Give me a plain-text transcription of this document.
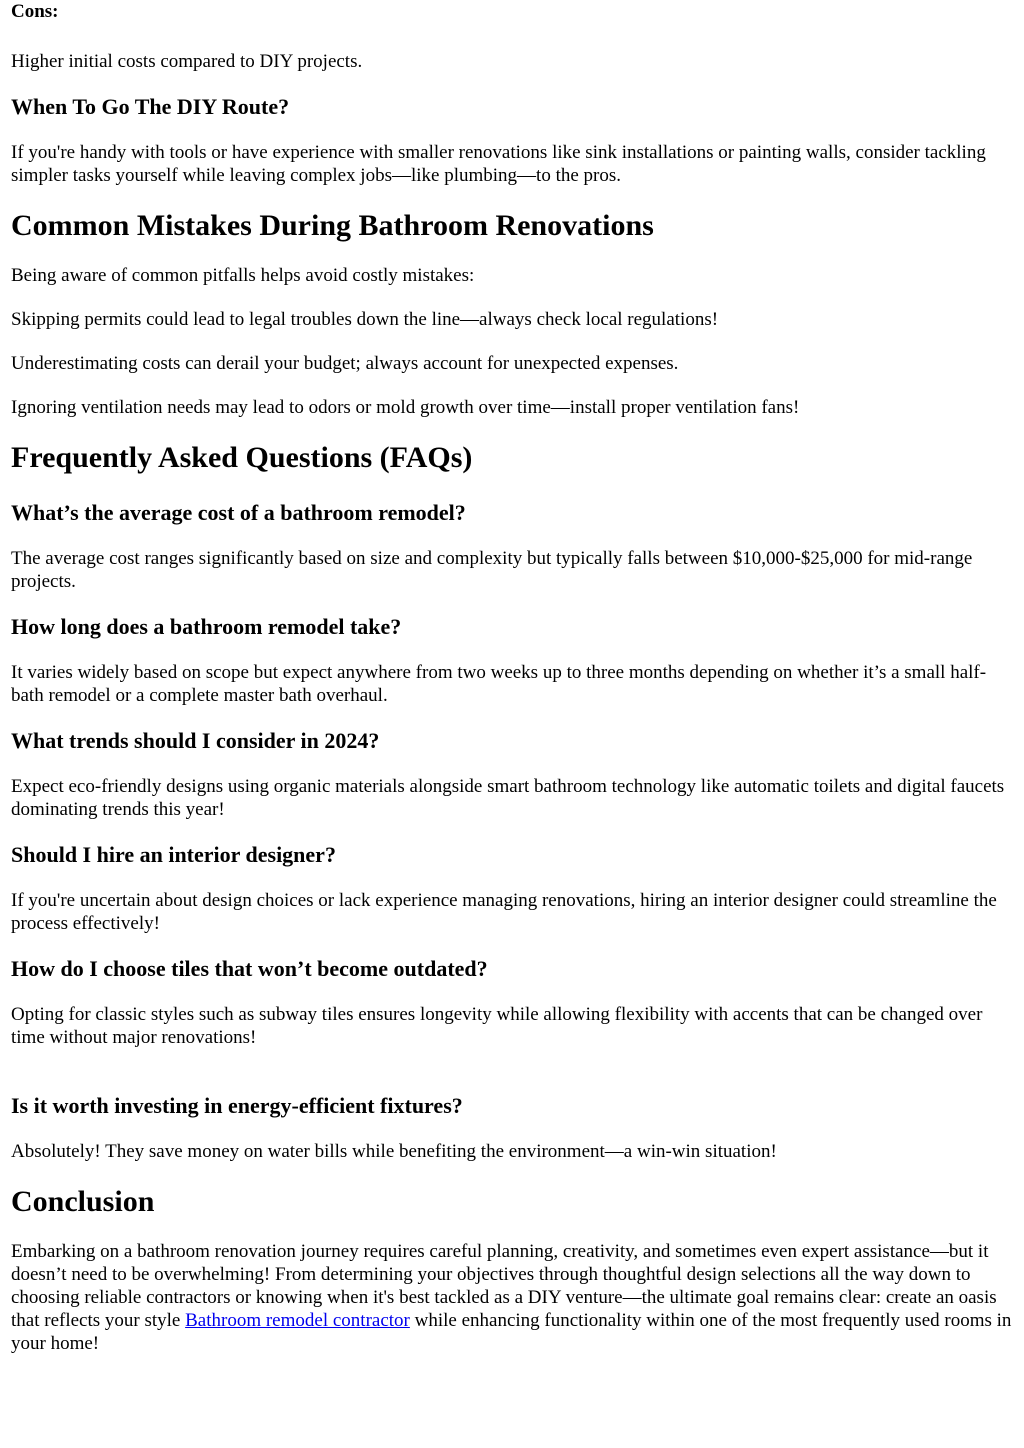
Cons:

Higher initial costs compared to DIY projects.

When To Go The DIY Route?

If you're handy with tools or have experience with smaller renovations like sink installations or painting walls, consider tackling simpler tasks yourself while leaving complex jobs—like plumbing—to the pros.

Common Mistakes During Bathroom Renovations

Being aware of common pitfalls helps avoid costly mistakes:

Skipping permits could lead to legal troubles down the line—always check local regulations!

Underestimating costs can derail your budget; always account for unexpected expenses.

Ignoring ventilation needs may lead to odors or mold growth over time—install proper ventilation fans!

Frequently Asked Questions (FAQs)
What’s the average cost of a bathroom remodel?

The average cost ranges significantly based on size and complexity but typically falls between $10,000-$25,000 for mid-range projects.

How long does a bathroom remodel take?

It varies widely based on scope but expect anywhere from two weeks up to three months depending on whether it’s a small half-bath remodel or a complete master bath overhaul.

What trends should I consider in 2024?

Expect eco-friendly designs using organic materials alongside smart bathroom technology like automatic toilets and digital faucets dominating trends this year!

Should I hire an interior designer?

If you're uncertain about design choices or lack experience managing renovations, hiring an interior designer could streamline the process effectively!

How do I choose tiles that won’t become outdated?

Opting for classic styles such as subway tiles ensures longevity while allowing flexibility with accents that can be changed over time without major renovations!

Is it worth investing in energy-efficient fixtures?

Absolutely! They save money on water bills while benefiting the environment—a win-win situation!

Conclusion

Embarking on a bathroom renovation journey requires careful planning, creativity, and sometimes even expert assistance—but it doesn’t need to be overwhelming! From determining your objectives through thoughtful design selections all the way down to choosing reliable contractors or knowing when it's best tackled as a DIY venture—the ultimate goal remains clear: create an oasis that reflects your style Bathroom remodel contractor while enhancing functionality within one of the most frequently used rooms in your home!
